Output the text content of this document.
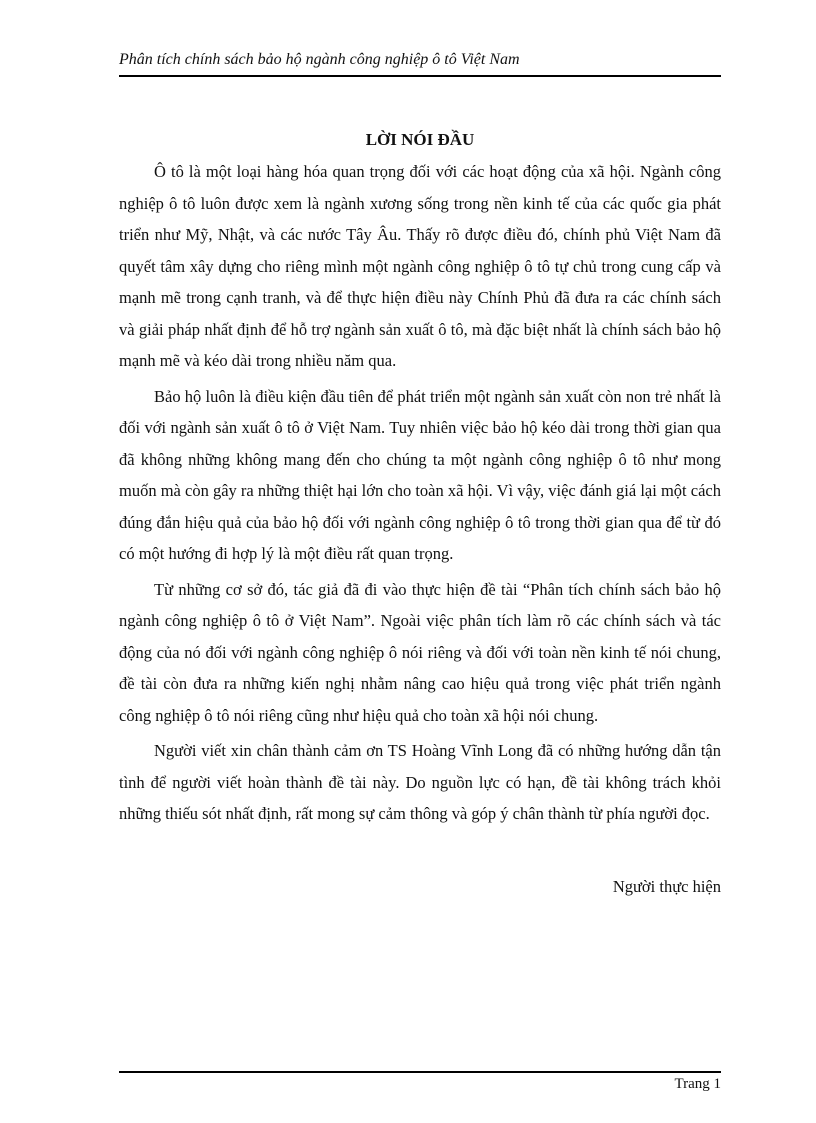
Phân tích chính sách bảo hộ ngành công nghiệp ô tô Việt Nam
LỜI NÓI ĐẦU

Ô tô là một loại hàng hóa quan trọng đối với các hoạt động của xã hội. Ngành công nghiệp ô tô luôn được xem là ngành xương sống trong nền kinh tế của các quốc gia phát triển như Mỹ, Nhật, và các nước Tây Âu. Thấy rõ được điều đó, chính phủ Việt Nam đã quyết tâm xây dựng cho riêng mình một ngành công nghiệp ô tô tự chủ trong cung cấp và mạnh mẽ trong cạnh tranh, và để thực hiện điều này Chính Phủ đã đưa ra các chính sách và giải pháp nhất định để hỗ trợ ngành sản xuất ô tô, mà đặc biệt nhất là chính sách bảo hộ mạnh mẽ và kéo dài trong nhiều năm qua.

Bảo hộ luôn là điều kiện đầu tiên để phát triển một ngành sản xuất còn non trẻ nhất là đối với ngành sản xuất ô tô ở Việt Nam. Tuy nhiên việc bảo hộ kéo dài trong thời gian qua đã không những không mang đến cho chúng ta một ngành công nghiệp ô tô như mong muốn mà còn gây ra những thiệt hại lớn cho toàn xã hội. Vì vậy, việc đánh giá lại một cách đúng đắn hiệu quả của bảo hộ đối với ngành công nghiệp ô tô trong thời gian qua để từ đó có một hướng đi hợp lý là một điều rất quan trọng.

Từ những cơ sở đó, tác giả đã đi vào thực hiện đề tài “Phân tích chính sách bảo hộ ngành công nghiệp ô tô ở Việt Nam”. Ngoài việc phân tích làm rõ các chính sách và tác động của nó đối với ngành công nghiệp ô nói riêng và đối với toàn nền kinh tế nói chung, đề tài còn đưa ra những kiến nghị nhằm nâng cao hiệu quả trong việc phát triển ngành công nghiệp ô tô nói riêng cũng như hiệu quả cho toàn xã hội nói chung.

Người viết xin chân thành cảm ơn TS Hoàng Vĩnh Long đã có những hướng dẫn tận tình để người viết hoàn thành đề tài này. Do nguồn lực có hạn, đề tài không trách khỏi những thiếu sót nhất định, rất mong sự cảm thông và góp ý chân thành từ phía người đọc.

Người thực hiện
Trang 1
